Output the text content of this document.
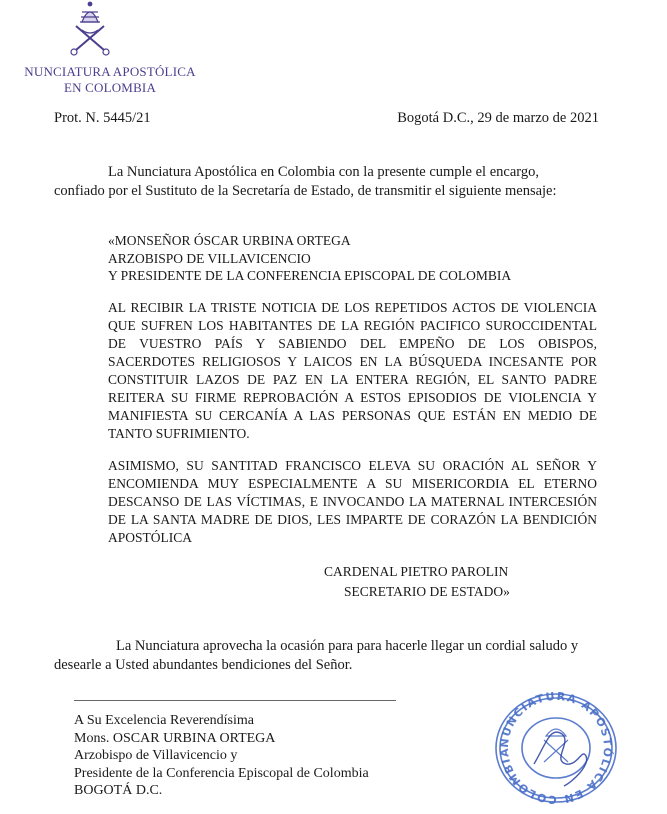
NUNCIATURA APOSTÓLICA
EN COLOMBIA
Prot. N. 5445/21	Bogotá D.C., 29 de marzo de 2021
La Nunciatura Apostólica en Colombia con la presente cumple el encargo,
confiado por el Sustituto de la Secretaría de Estado, de transmitir el siguiente mensaje:
«MONSEÑOR ÓSCAR URBINA ORTEGA
ARZOBISPO DE VILLAVICENCIO
Y PRESIDENTE DE LA CONFERENCIA EPISCOPAL DE COLOMBIA
AL RECIBIR LA TRISTE NOTICIA DE LOS REPETIDOS ACTOS DE VIOLENCIA QUE SUFREN LOS HABITANTES DE LA REGIÓN PACIFICO SUROCCIDENTAL DE VUESTRO PAÍS Y SABIENDO DEL EMPEÑO DE LOS OBISPOS, SACERDOTES RELIGIOSOS Y LAICOS EN LA BÚSQUEDA INCESANTE POR CONSTITUIR LAZOS DE PAZ EN LA ENTERA REGIÓN, EL SANTO PADRE REITERA SU FIRME REPROBACIÓN A ESTOS EPISODIOS DE VIOLENCIA Y MANIFIESTA SU CERCANÍA A LAS PERSONAS QUE ESTÁN EN MEDIO DE TANTO SUFRIMIENTO.
ASIMISMO, SU SANTITAD FRANCISCO ELEVA SU ORACIÓN AL SEÑOR Y ENCOMIENDA MUY ESPECIALMENTE A SU MISERICORDIA EL ETERNO DESCANSO DE LAS VÍCTIMAS, E INVOCANDO LA MATERNAL INTERCESIÓN DE LA SANTA MADRE DE DIOS, LES IMPARTE DE CORAZÓN LA BENDICIÓN APOSTÓLICA
CARDENAL PIETRO PAROLIN
SECRETARIO DE ESTADO»
La Nunciatura aprovecha la ocasión para para hacerle llegar un cordial saludo y
desearle a Usted abundantes bendiciones del Señor.
A Su Excelencia Reverendísima
Mons. OSCAR URBINA ORTEGA
Arzobispo de Villavicencio y
Presidente de la Conferencia Episcopal de Colombia
BOGOTÁ D.C.
NUNCIATURA APOSTÓLICA EN COLOMBIA
